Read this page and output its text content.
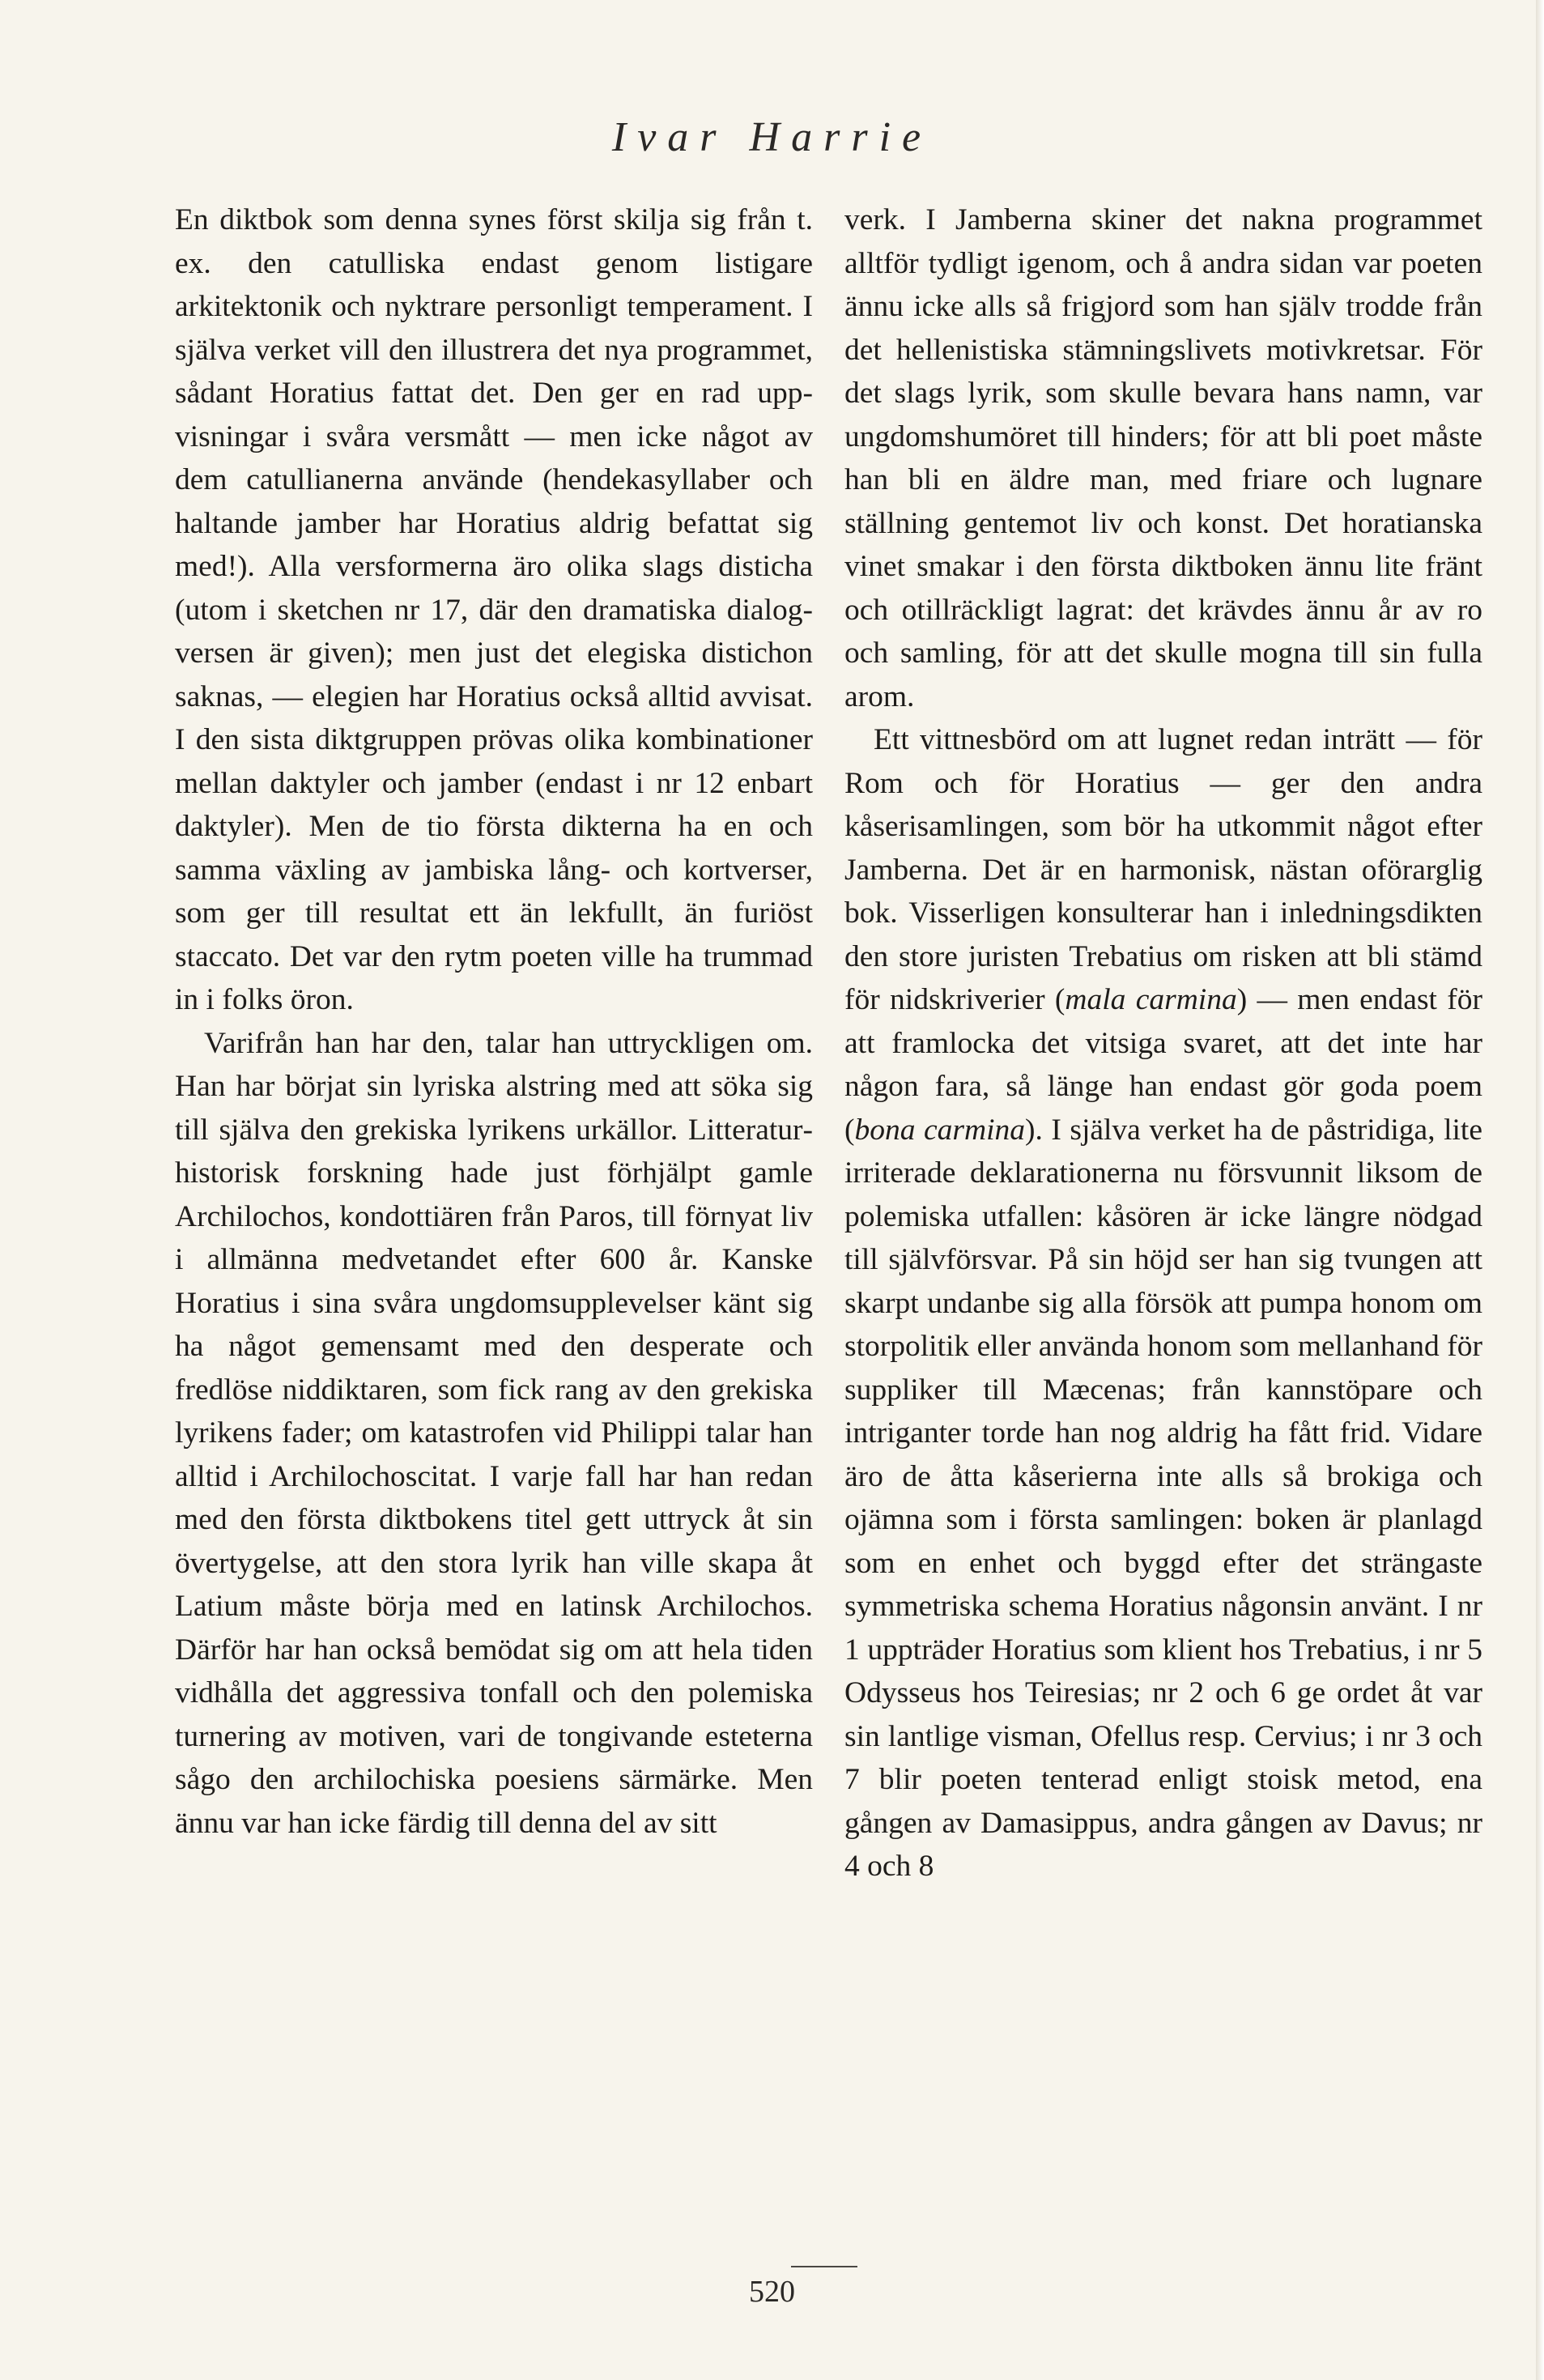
Ivar Harrie

En diktbok som denna synes först skilja sig från t. ex. den catulliska endast genom listigare arkitektonik och nyktrare personligt temperament. I själva verket vill den illustrera det nya programmet, sådant Horatius fattat det. Den ger en rad uppvisningar i svåra versmått — men icke något av dem catullianerna använde (hendekasyllaber och haltande jamber har Horatius aldrig befattat sig med!). Alla versformerna äro olika slags disticha (utom i sketchen nr 17, där den dramatiska dialogversen är given); men just det elegiska distichon saknas, — elegien har Horatius också alltid avvisat. I den sista diktgruppen prövas olika kombinationer mellan daktyler och jamber (endast i nr 12 enbart daktyler). Men de tio första dikterna ha en och samma växling av jambiska lång- och kortverser, som ger till resultat ett än lekfullt, än furiöst staccato. Det var den rytm poeten ville ha trummad in i folks öron.

Varifrån han har den, talar han uttryckligen om. Han har börjat sin lyriska alstring med att söka sig till själva den grekiska lyrikens urkällor. Litteraturhistorisk forskning hade just förhjälpt gamle Archilochos, kondottiären från Paros, till förnyat liv i allmänna medvetandet efter 600 år. Kanske Horatius i sina svåra ungdomsupplevelser känt sig ha något gemensamt med den desperate och fredlöse niddiktaren, som fick rang av den grekiska lyrikens fader; om katastrofen vid Philippi talar han alltid i Archilochoscitat. I varje fall har han redan med den första diktbokens titel gett uttryck åt sin övertygelse, att den stora lyrik han ville skapa åt Latium måste börja med en latinsk Archilochos. Därför har han också bemödat sig om att hela tiden vidhålla det aggressiva tonfall och den polemiska turnering av motiven, vari de tongivande esteterna sågo den archilochiska poesiens särmärke. Men ännu var han icke färdig till denna del av sitt

verk. I Jamberna skiner det nakna programmet alltför tydligt igenom, och å andra sidan var poeten ännu icke alls så frigjord som han själv trodde från det hellenistiska stämningslivets motivkretsar. För det slags lyrik, som skulle bevara hans namn, var ungdomshumöret till hinders; för att bli poet måste han bli en äldre man, med friare och lugnare ställning gentemot liv och konst. Det horatianska vinet smakar i den första diktboken ännu lite fränt och otillräckligt lagrat: det krävdes ännu år av ro och samling, för att det skulle mogna till sin fulla arom.

Ett vittnesbörd om att lugnet redan inträtt — för Rom och för Horatius — ger den andra kåserisamlingen, som bör ha utkommit något efter Jamberna. Det är en harmonisk, nästan oförarglig bok. Visserligen konsulterar han i inledningsdikten den store juristen Trebatius om risken att bli stämd för nidskriverier (mala carmina) — men endast för att framlocka det vitsiga svaret, att det inte har någon fara, så länge han endast gör goda poem (bona carmina). I själva verket ha de påstridiga, lite irriterade deklarationerna nu försvunnit liksom de polemiska utfallen: kåsören är icke längre nödgad till självförsvar. På sin höjd ser han sig tvungen att skarpt undanbe sig alla försök att pumpa honom om storpolitik eller använda honom som mellanhand för suppliker till Mæcenas; från kannstöpare och intriganter torde han nog aldrig ha fått frid. Vidare äro de åtta kåserierna inte alls så brokiga och ojämna som i första samlingen: boken är planlagd som en enhet och byggd efter det strängaste symmetriska schema Horatius någonsin använt. I nr 1 uppträder Horatius som klient hos Trebatius, i nr 5 Odysseus hos Teiresias; nr 2 och 6 ge ordet åt var sin lantlige visman, Ofellus resp. Cervius; i nr 3 och 7 blir poeten tenterad enligt stoisk metod, ena gången av Damasippus, andra gången av Davus; nr 4 och 8

520
